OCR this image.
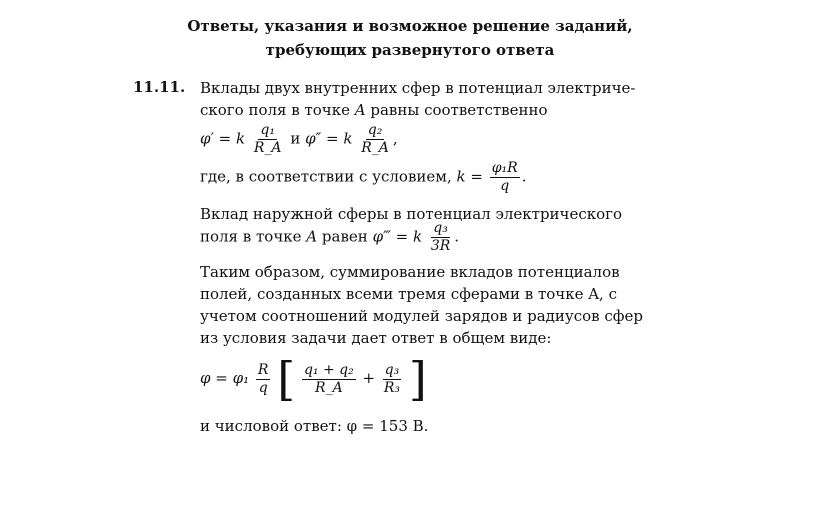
Ответы, указания и возможное решение заданий,
требующих развернутого ответа
11.11. Вклады двух внутренних сфер в потенциал электриче-
ского поля в точке A равны соответственно
φ′ = k $\frac{\text{q₁}}{R\_A}$ и φ″ = k $\frac{\text{q₂}}{R\_A}$ ,
где, в соответствии с условием, $k = \frac{\text{φ₁R}}{q}$ .
Вклад наружной сферы в потенциал электрического
поля в точке A равен φ‴ = k $\frac{\text{q₃}}{3R}$ .
Таким образом, суммирование вкладов потенциалов
полей, созданных всеми тремя сферами в точке A, с
учетом соотношений модулей зарядов и радиусов сфер
из условия задачи дает ответ в общем виде:
$\varphi = \varphi_1 \frac{R}{q}$ [ $\frac{\text{q₁ + q₂}}{R\_A} + \frac{\text{q₃}}{\text{R₃}}$ ]
и числовой ответ: φ = 153 В.
